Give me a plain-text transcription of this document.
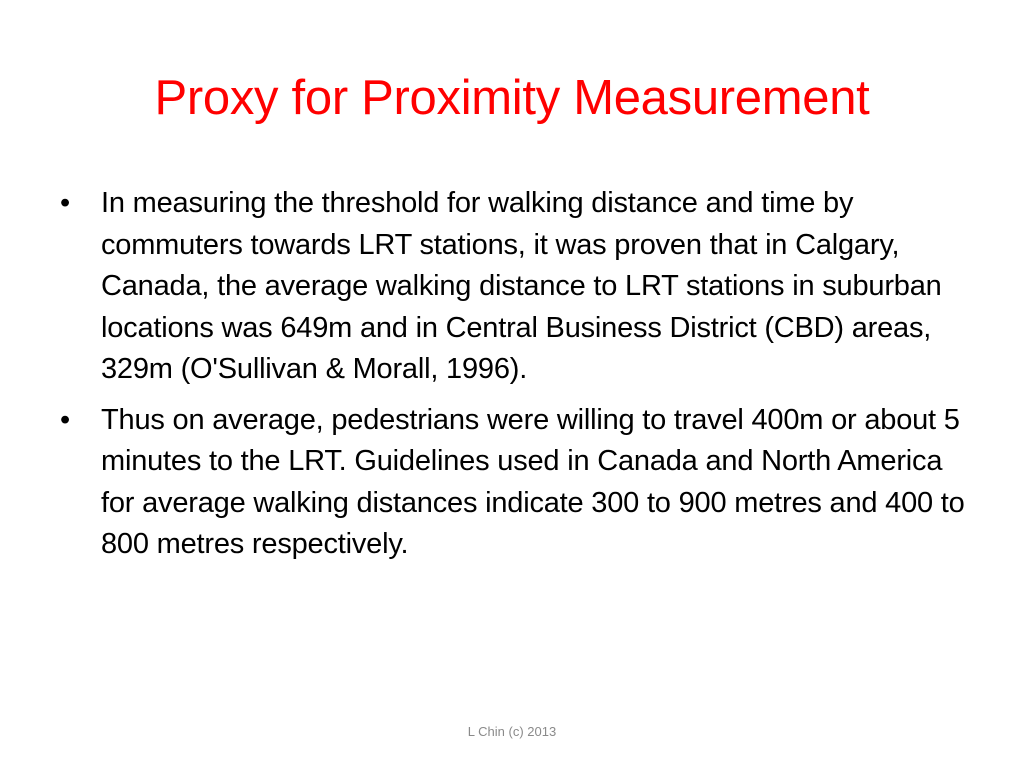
Proxy for Proximity Measurement
•	In measuring the threshold for walking distance and time by commuters towards LRT stations, it was proven that in Calgary, Canada, the average walking distance to LRT stations in suburban locations was 649m and in Central Business District (CBD) areas, 329m (O'Sullivan & Morall, 1996).
•	Thus on average, pedestrians were willing to travel 400m or about 5 minutes to the LRT. Guidelines used in Canada and North America for average walking distances indicate 300 to 900 metres and 400 to 800 metres respectively.
L Chin (c) 2013
